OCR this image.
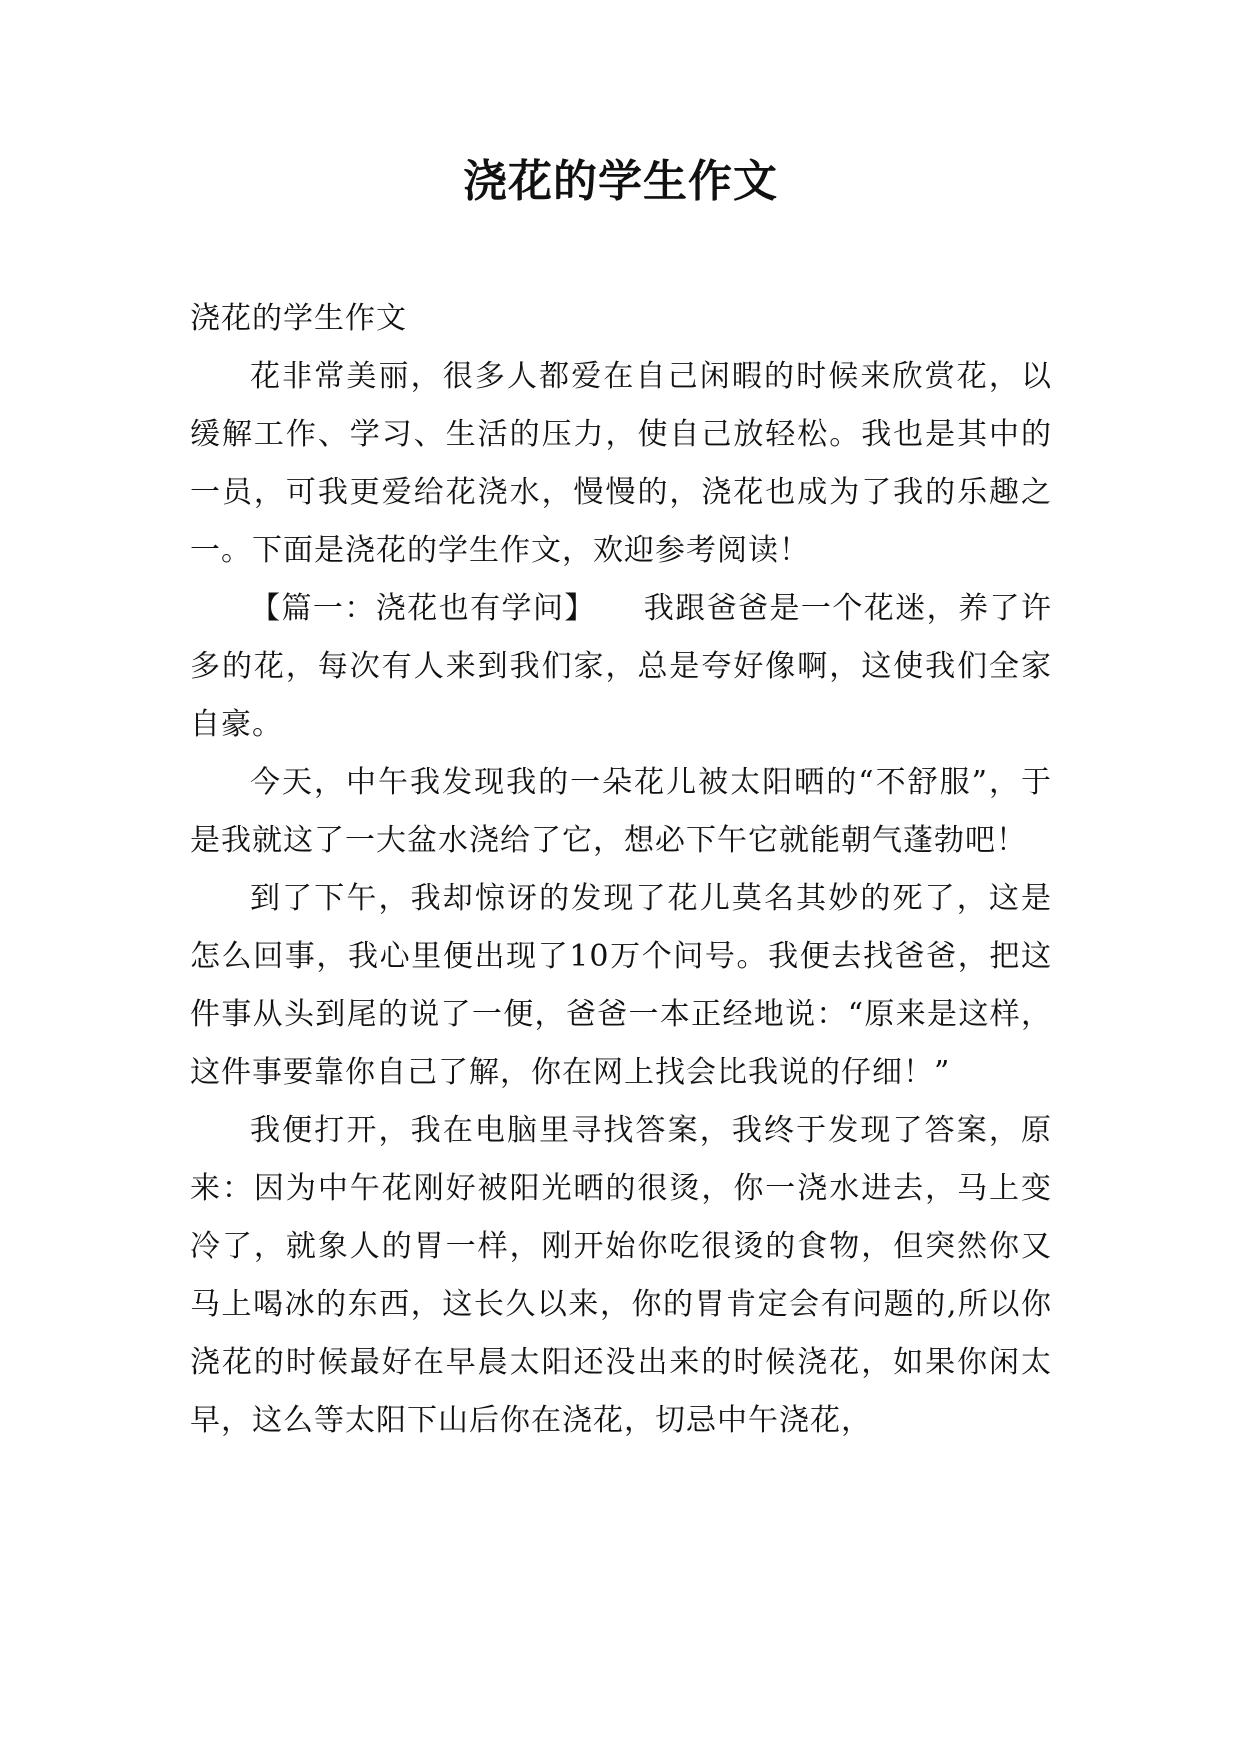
浇花的学生作文

浇花的学生作文

花非常美丽，很多人都爱在自己闲暇的时候来欣赏花，以缓解工作、学习、生活的压力，使自己放轻松。我也是其中的一员，可我更爱给花浇水，慢慢的，浇花也成为了我的乐趣之一。下面是浇花的学生作文，欢迎参考阅读！

【篇一：浇花也有学问】　　我跟爸爸是一个花迷，养了许多的花，每次有人来到我们家，总是夸好像啊，这使我们全家自豪。

今天，中午我发现我的一朵花儿被太阳晒的“不舒服”，于是我就这了一大盆水浇给了它，想必下午它就能朝气蓬勃吧！

到了下午，我却惊讶的发现了花儿莫名其妙的死了，这是怎么回事，我心里便出现了10万个问号。我便去找爸爸，把这件事从头到尾的说了一便，爸爸一本正经地说：“原来是这样，这件事要靠你自己了解，你在网上找会比我说的仔细！”

我便打开，我在电脑里寻找答案，我终于发现了答案，原来：因为中午花刚好被阳光晒的很烫，你一浇水进去，马上变冷了，就象人的胃一样，刚开始你吃很烫的食物，但突然你又马上喝冰的东西，这长久以来，你的胃肯定会有问题的,所以你浇花的时候最好在早晨太阳还没出来的时候浇花，如果你闲太早，这么等太阳下山后你在浇花，切忌中午浇花，
